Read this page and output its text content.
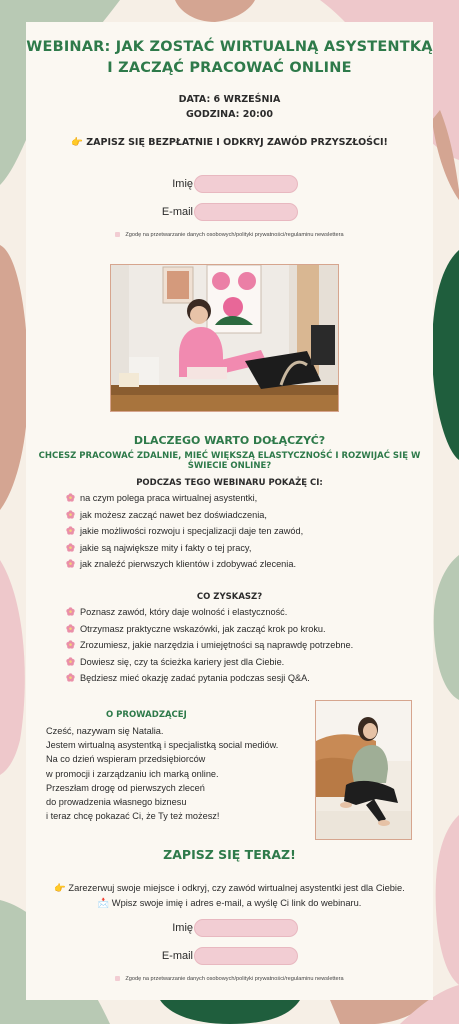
WEBINAR: JAK ZOSTAĆ WIRTUALNĄ ASYSTENTKĄ
I ZACZĄĆ PRACOWAĆ ONLINE
DATA: 6 WRZEŚNIA
GODZINA: 20:00
👉 ZAPISZ SIĘ BEZPŁATNIE I ODKRYJ ZAWÓD PRZYSZŁOŚCI!
Imię
E-mail
Zgodę na przetwarzanie danych osobowych/polityki prywatności/regulaminu newslettera
DLACZEGO WARTO DOŁĄCZYĆ?
CHCESZ PRACOWAĆ ZDALNIE, MIEĆ WIĘKSZĄ ELASTYCZNOŚĆ I ROZWIJAĆ SIĘ W ŚWIECIE ONLINE?
PODCZAS TEGO WEBINARU POKAŻĘ CI:
na czym polega praca wirtualnej asystentki,
jak możesz zacząć nawet bez doświadczenia,
jakie możliwości rozwoju i specjalizacji daje ten zawód,
jakie są największe mity i fakty o tej pracy,
jak znaleźć pierwszych klientów i zdobywać zlecenia.
CO ZYSKASZ?
Poznasz zawód, który daje wolność i elastyczność.
Otrzymasz praktyczne wskazówki, jak zacząć krok po kroku.
Zrozumiesz, jakie narzędzia i umiejętności są naprawdę potrzebne.
Dowiesz się, czy ta ścieżka kariery jest dla Ciebie.
Będziesz mieć okazję zadać pytania podczas sesji Q&A.
O PROWADZĄCEJ
Cześć, nazywam się Natalia.
Jestem wirtualną asystentką i specjalistką social mediów.
Na co dzień wspieram przedsiębiorców
w promocji i zarządzaniu ich marką online.
Przeszłam drogę od pierwszych zleceń
do prowadzenia własnego biznesu
i teraz chcę pokazać Ci, że Ty też możesz!
ZAPISZ SIĘ TERAZ!
👉 Zarezerwuj swoje miejsce i odkryj, czy zawód wirtualnej asystentki jest dla Ciebie.
📩 Wpisz swoje imię i adres e-mail, a wyślę Ci link do webinaru.
Imię
E-mail
Zgodę na przetwarzanie danych osobowych/polityki prywatności/regulaminu newslettera
